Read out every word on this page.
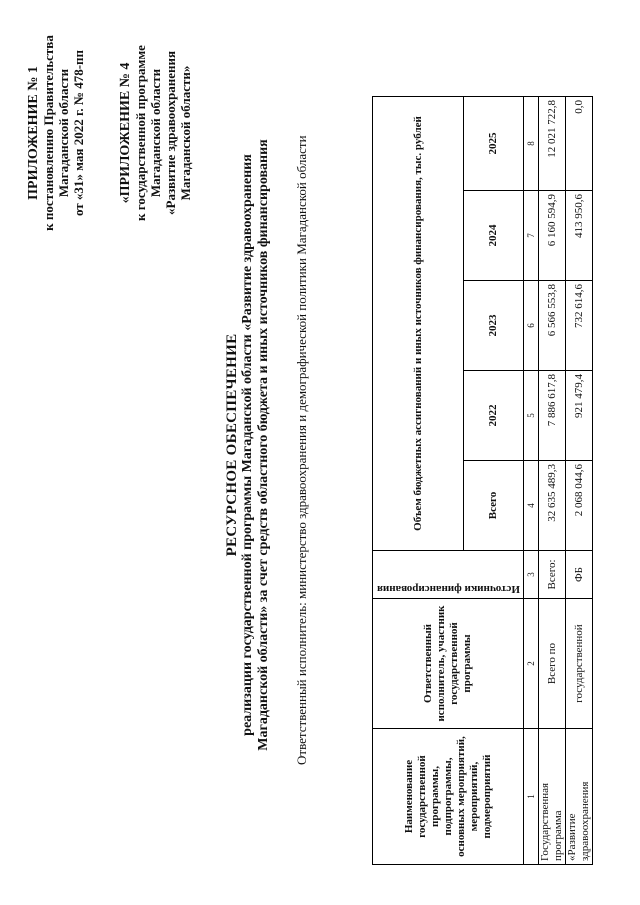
ПРИЛОЖЕНИЕ № 1 к постановлению Правительства Магаданской области от «31» мая 2022 г. № 478-пп «ПРИЛОЖЕНИЕ № 4 к государственной программе Магаданской области «Развитие здравоохранения Магаданской области»
РЕСУРСНОЕ ОБЕСПЕЧЕНИЕ реализации государственной программы Магаданской области «Развитие здравоохранения Магаданской области» за счет средств областного бюджета и иных источников финансирования Ответственный исполнитель: министерство здравоохранения и демографической политики Магаданской области
Наименование государственной программы, подпрограммы, основных мероприятий, мероприятий, подмероприятий	Ответственный исполнитель, участник государственной программы	Источники финансирования	Объем бюджетных ассигнований и иных источников финансирования, тыс. рублей				
			Всего	2022	2023	2024	2025
1	2	3	4	5	6	7	8
Государственная программа	Всего по	Всего:	32 635 489,3	7 886 617,8	6 566 553,8	6 160 594,9	12 021 722,8
«Развитие здравоохранения	государственной	ФБ	2 068 044,6	921 479,4	732 614,6	413 950,6	0,0
